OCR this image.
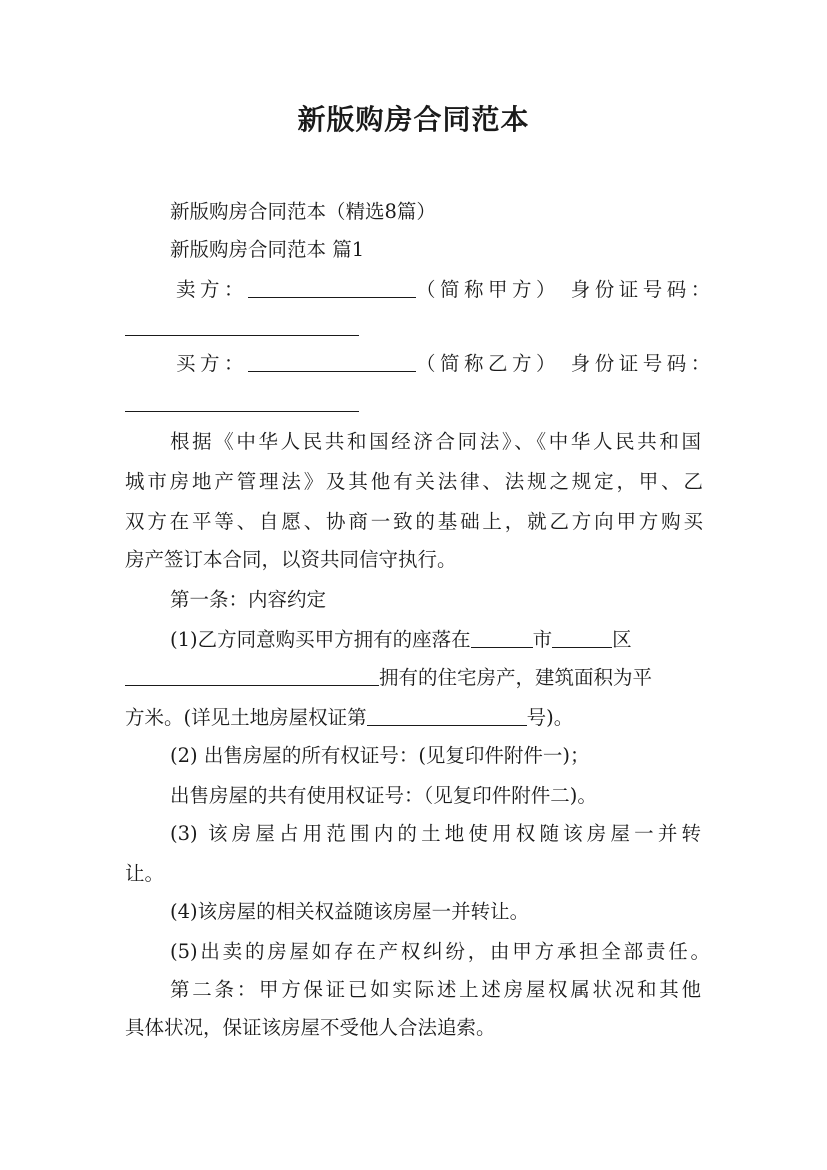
新版购房合同范本
新版购房合同范本（精选8篇）
新版购房合同范本 篇1
卖方：	（简称甲方） 身份证号码：
买方：	（简称乙方） 身份证号码：
根据《中华人民共和国经济合同法》、《中华人民共和国
城市房地产管理法》及其他有关法律、法规之规定，甲、乙
双方在平等、自愿、协商一致的基础上，就乙方向甲方购买
房产签订本合同，以资共同信守执行。
第一条：内容约定
(1)乙方同意购买甲方拥有的座落在	市	区
拥有的住宅房产，建筑面积为平
方米。(详见土地房屋权证第	号)。
(2) 出售房屋的所有权证号：(见复印件附件一)；
出售房屋的共有使用权证号：（见复印件附件二)。
(3) 该房屋占用范围内的土地使用权随该房屋一并转
让。
(4)该房屋的相关权益随该房屋一并转让。
(5)出卖的房屋如存在产权纠纷，由甲方承担全部责任。
第二条：甲方保证已如实际述上述房屋权属状况和其他
具体状况，保证该房屋不受他人合法追索。
